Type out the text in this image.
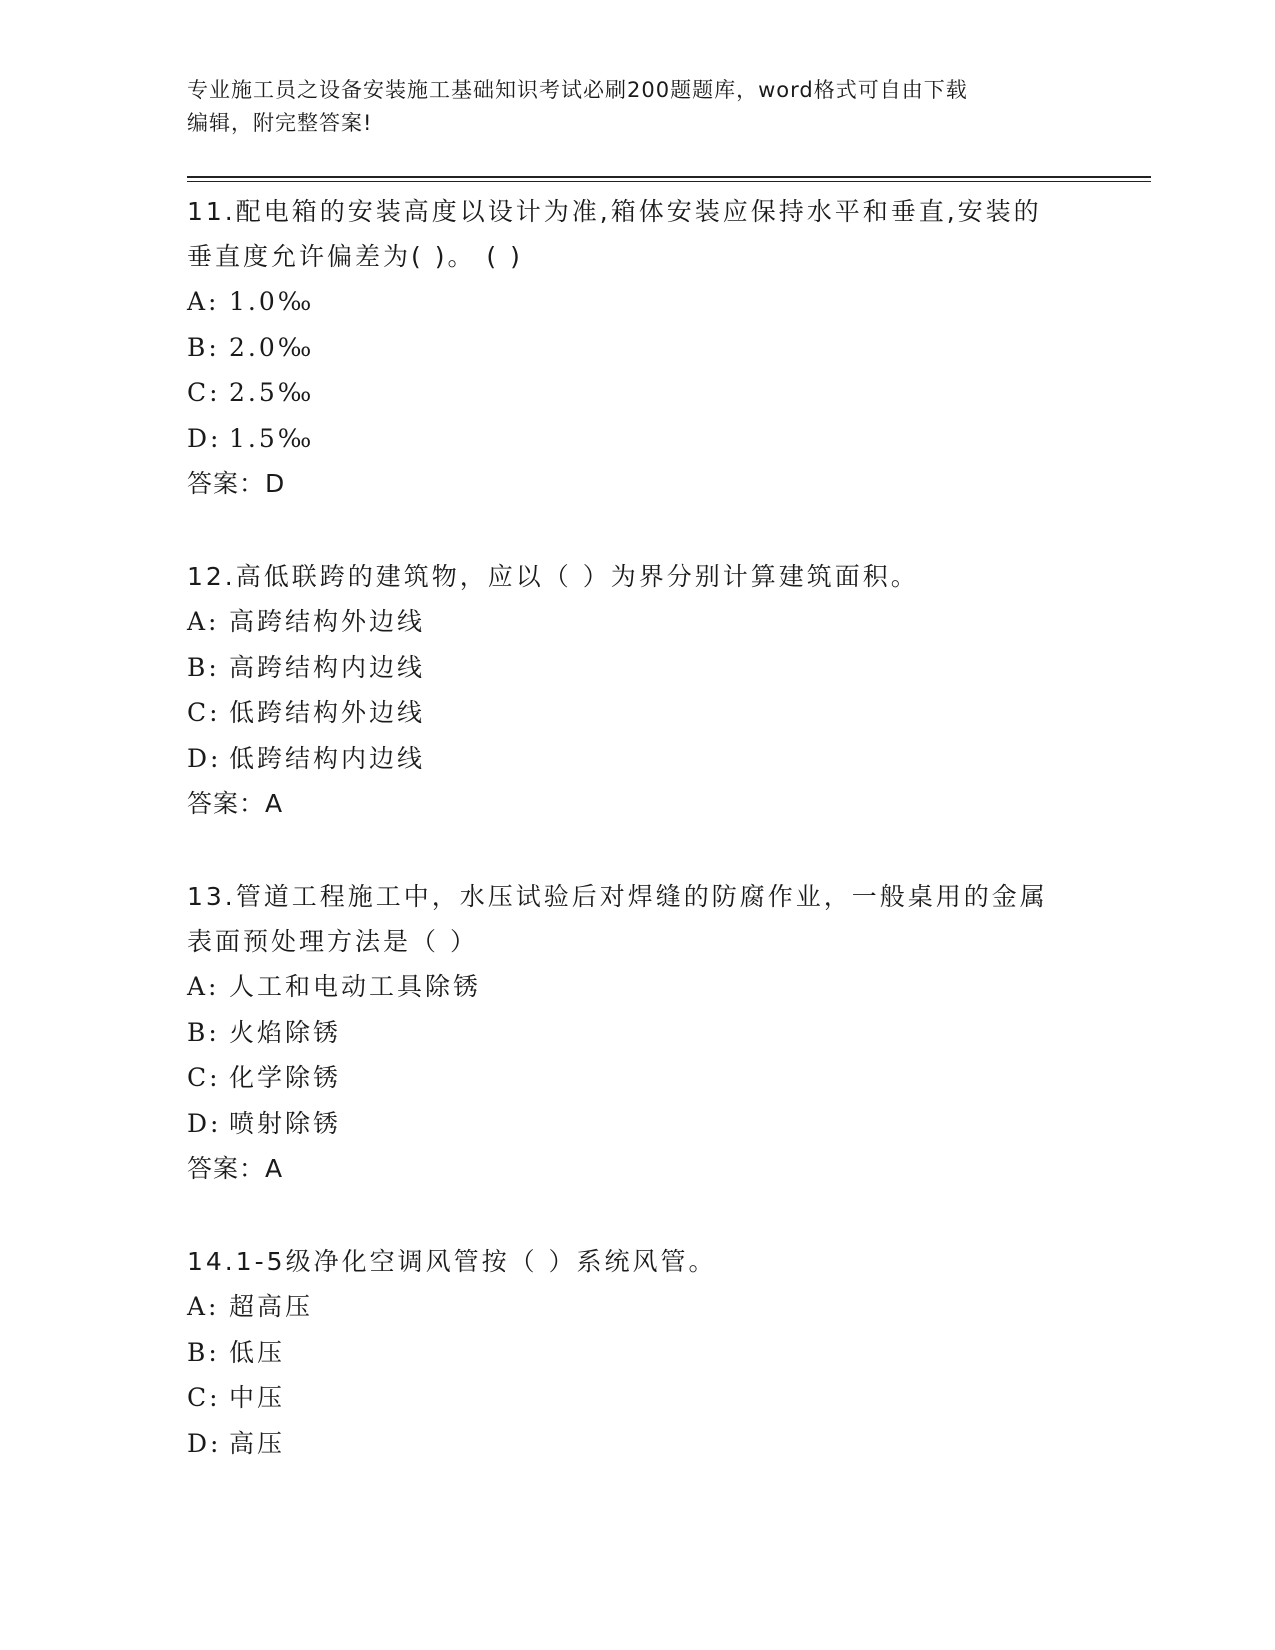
专业施工员之设备安装施工基础知识考试必刷200题题库，word格式可自由下载
编辑，附完整答案!
11.配电箱的安装高度以设计为准,箱体安装应保持水平和垂直,安装的
垂直度允许偏差为( )。 ( )
A: 1.0‰
B: 2.0‰
C: 2.5‰
D: 1.5‰
答案：D
12.高低联跨的建筑物，应以（ ）为界分别计算建筑面积。
A: 高跨结构外边线
B: 高跨结构内边线
C: 低跨结构外边线
D: 低跨结构内边线
答案：A
13.管道工程施工中，水压试验后对焊缝的防腐作业，一般桌用的金属
表面预处理方法是（ ）
A: 人工和电动工具除锈
B: 火焰除锈
C: 化学除锈
D: 喷射除锈
答案：A
14.1-5级净化空调风管按（ ）系统风管。
A: 超高压
B: 低压
C: 中压
D: 高压
